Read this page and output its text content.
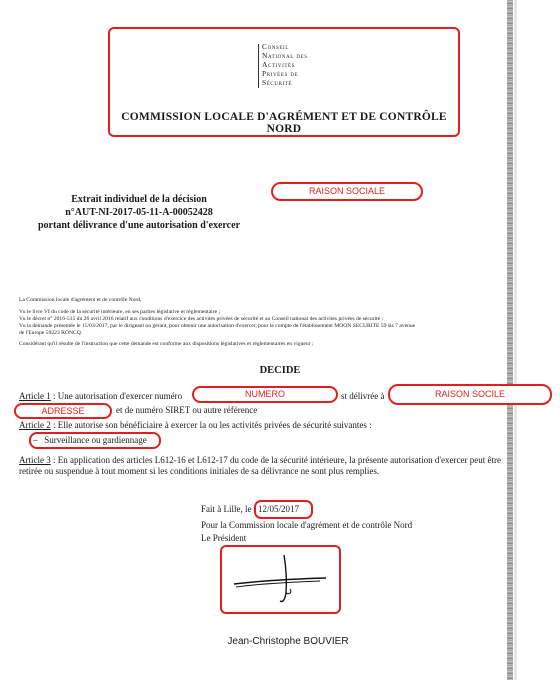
Conseil
National des
Activités
Privées de
Sécurité
COMMISSION LOCALE D'AGRÉMENT ET DE CONTRÔLE NORD
Extrait individuel de la décision
n°AUT-NI-2017-05-11-A-00052428
portant délivrance d'une autorisation d'exercer
RAISON SOCIALE
La Commission locale d'agrément et de contrôle Nord,
Vu le livre VI du code de la sécurité intérieure, en ses parties législative et réglementaire ;
Vu le décret n° 2016-515 du 26 avril 2016 relatif aux conditions d'exercice des activités privées de sécurité et au Conseil national des activités privées de sécurité ;
Vu la demande présentée le 15/03/2017, par le dirigeant ou gérant, pour obtenir une autorisation d'exercer, pour le compte de l'établissement MOON SECURITE 59 sis 7 avenue
de l'Europe 59223 RONCQ.
Considérant qu'il résulte de l'instruction que cette demande est conforme aux dispositions législatives et réglementaires en vigueur ;
DECIDE
Article 1 : Une autorisation d'exercer numéro	st délivrée à
NUMERO	RAISON SOCILE
ADRESSE	et de numéro SIRET ou autre référence
Article 2 : Elle autorise son bénéficiaire à exercer la ou les activités privées de sécurité suivantes :
–   Surveillance ou gardiennage
Article 3 : En application des articles L612-16 et L612-17 du code de la sécurité intérieure, la présente autorisation d'exercer peut être
retirée ou suspendue à tout moment si les conditions initiales de sa délivrance ne sont plus remplies.
Fait à Lille, le 12/05/2017
Pour la Commission locale d'agrément et de contrôle Nord
Le Président
Jean-Christophe BOUVIER
